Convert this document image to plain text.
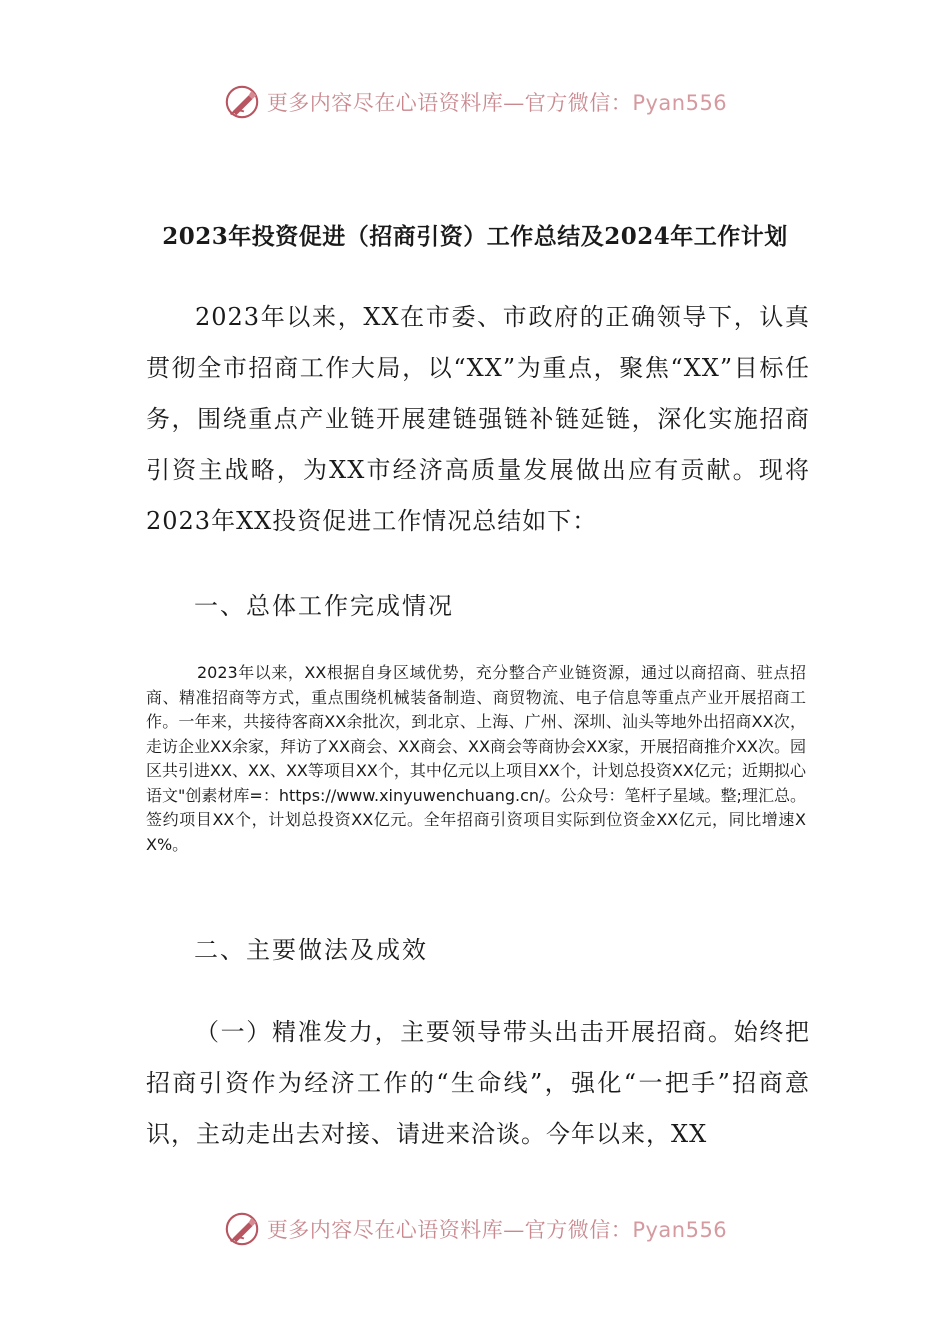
更多内容尽在心语资料库—官方微信：Pyan556
2023年投资促进（招商引资）工作总结及2024年工作计划

2023年以来，XX在市委、市政府的正确领导下，认真贯彻全市招商工作大局，以“XX”为重点，聚焦“XX”目标任务，围绕重点产业链开展建链强链补链延链，深化实施招商引资主战略，为XX市经济高质量发展做出应有贡献。现将2023年XX投资促进工作情况总结如下：

一、总体工作完成情况

2023年以来，XX根据自身区域优势，充分整合产业链资源，通过以商招商、驻点招商、精准招商等方式，重点围绕机械装备制造、商贸物流、电子信息等重点产业开展招商工作。一年来，共接待客商XX余批次，到北京、上海、广州、深圳、汕头等地外出招商XX次，走访企业XX余家，拜访了XX商会、XX商会、XX商会等商协会XX家，开展招商推介XX次。园区共引进XX、XX、XX等项目XX个，其中亿元以上项目XX个，计划总投资XX亿元；近期拟心语文"创素材库=：https://www.xinyuwenchuang.cn/。公众号：笔杆子星域。整;理汇总。签约项目XX个，计划总投资XX亿元。全年招商引资项目实际到位资金XX亿元，同比增速XX%。

二、主要做法及成效

（一）精准发力，主要领导带头出击开展招商。始终把招商引资作为经济工作的“生命线”，强化“一把手”招商意识，主动走出去对接、请进来洽谈。今年以来，XX

更多内容尽在心语资料库—官方微信：Pyan556
